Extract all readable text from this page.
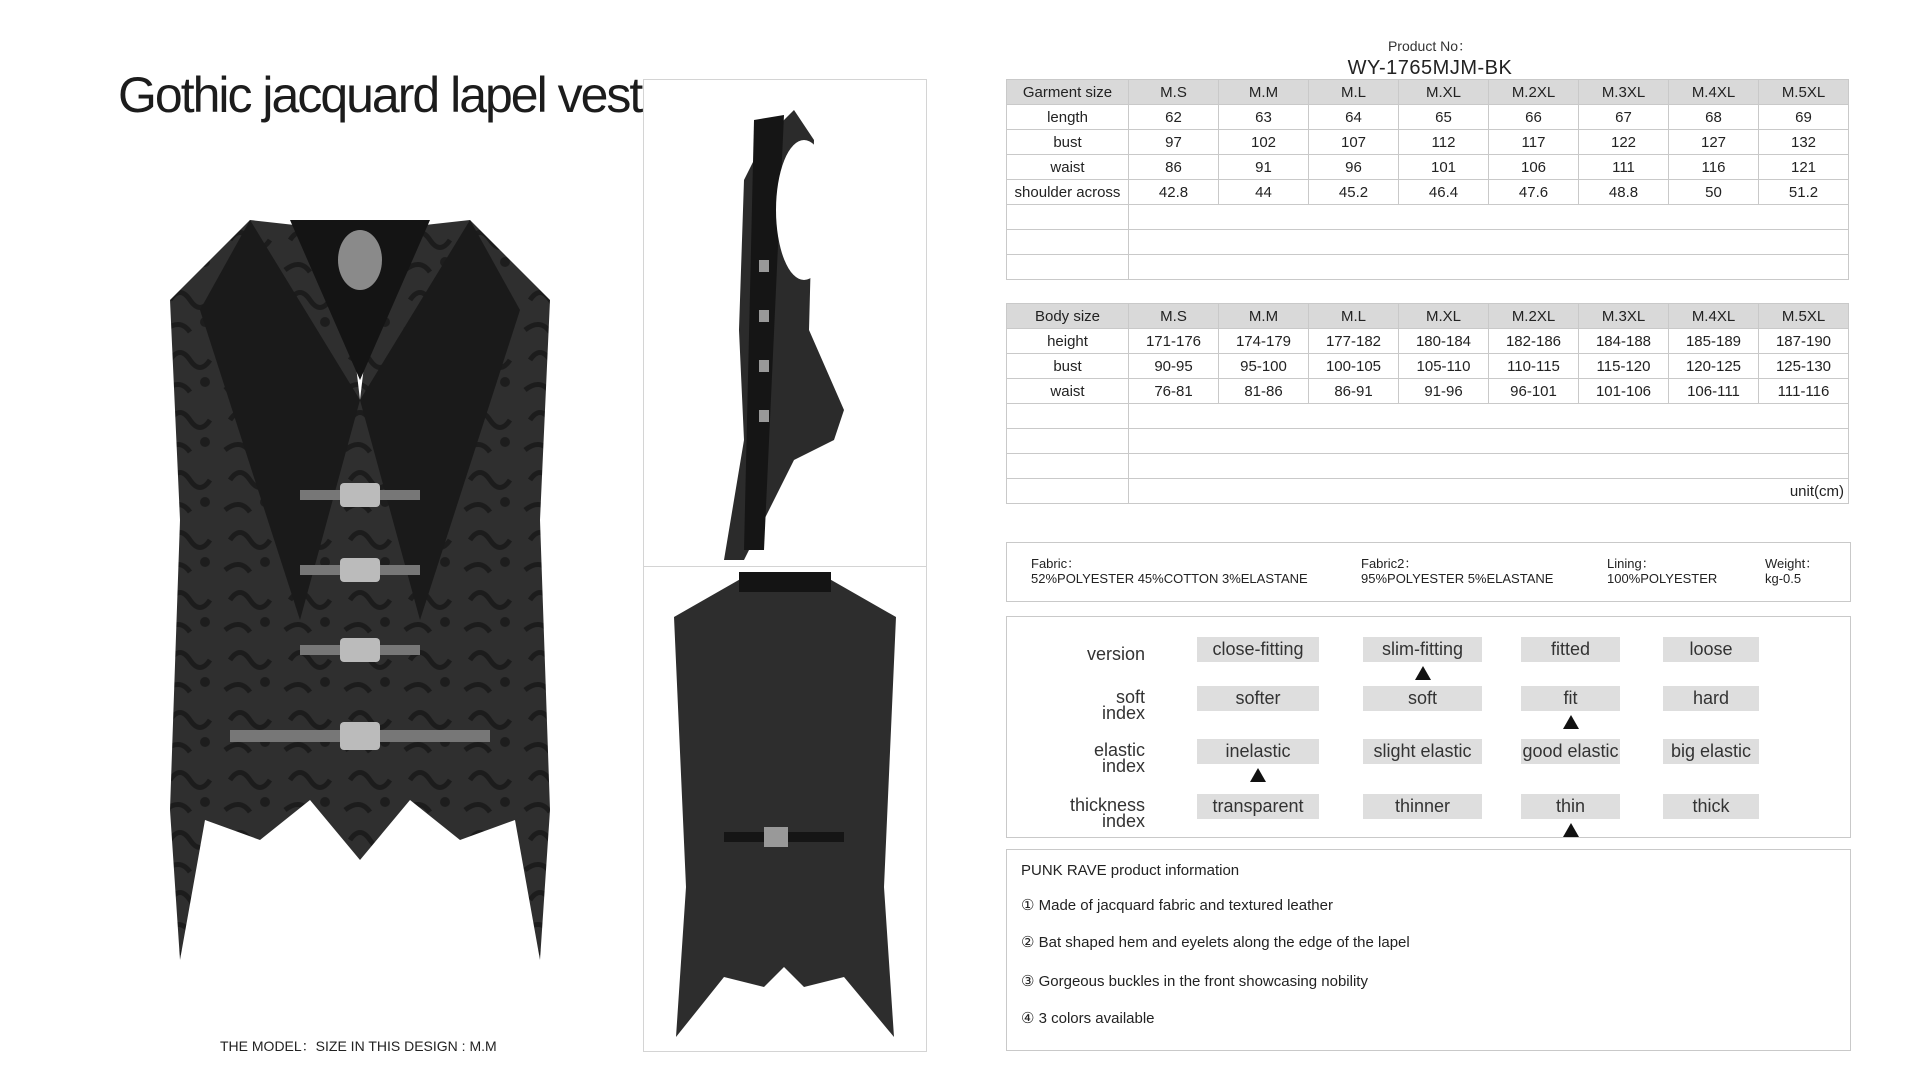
Gothic jacquard lapel vest
THE MODEL：SIZE IN THIS DESIGN : M.M
Product No：
WY-1765MJM-BK
Garment size	M.S	M.M	M.L	M.XL	M.2XL	M.3XL	M.4XL	M.5XL
length	62	63	64	65	66	67	68	69
bust	97	102	107	112	117	122	127	132
waist	86	91	96	101	106	111	116	121
shoulder across	42.8	44	45.2	46.4	47.6	48.8	50	51.2

Body size	M.S	M.M	M.L	M.XL	M.2XL	M.3XL	M.4XL	M.5XL
height	171-176	174-179	177-182	180-184	182-186	184-188	185-189	187-190
bust	90-95	95-100	100-105	105-110	110-115	115-120	120-125	125-130
waist	76-81	81-86	86-91	91-96	96-101	101-106	106-111	111-116

	unit(cm)							
Fabric：
52%POLYESTER 45%COTTON 3%ELASTANE
Fabric2：
95%POLYESTER 5%ELASTANE
Lining：
100%POLYESTER
Weight：
kg-0.5
version	close-fitting	slim-fitting	fitted	loose
soft
index
softer	soft	fit	hard
elastic
index
inelastic	slight elastic	good elastic	big elastic
thickness
index
transparent	thinner	thin	thick
PUNK RAVE product information
① Made of jacquard fabric and textured leather
② Bat shaped hem and eyelets along the edge of the lapel
③ Gorgeous buckles in the front showcasing nobility
④ 3 colors available
